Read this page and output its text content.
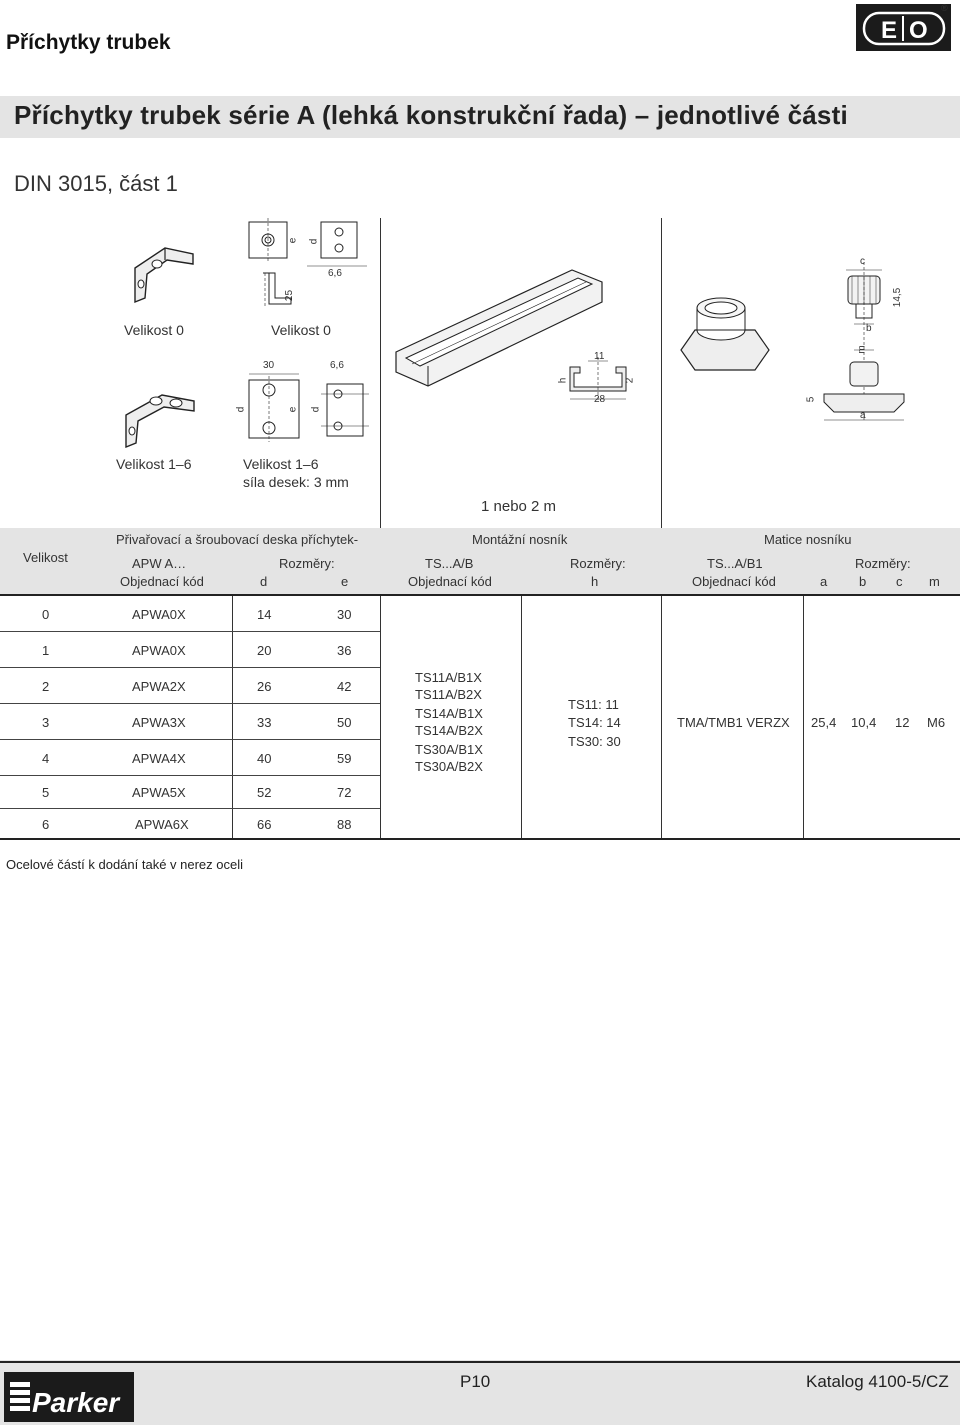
Příchytky trubek	E O
®
Příchytky trubek série A (lehká konstrukční řada) – jednotlivé části
DIN 3015, část 1
e d
6,6
25
Velikost 0	Velikost 0
30	6,6
d	e d
Velikost 1–6	Velikost 1–6
síla desek: 3 mm
11
h	2
28
1 nebo 2 m
c
14,5
b
m
5
a
Velikost
Přivařovací a šroubovací deska příchytek-	Montážní nosník	Matice nosníku
APW A…	Rozměry:	TS...A/B	Rozměry:	TS...A/B1	Rozměry:
Objednací kód	d	e	Objednací kód	h	Objednací kód	a b c m
0	APWA0X	14	30
1	APWA0X	20	36
2	APWA2X	26	42
3	APWA3X	33	50
4	APWA4X	40	59
5	APWA5X	52	72
6	APWA6X	66	88
TS11A/B1X
TS11A/B2X
TS14A/B1X
TS14A/B2X
TS30A/B1X
TS30A/B2X
TS11: 11
TS14: 14
TS30: 30
TMA/TMB1 VERZX 25,4 10,4 12 M6
Ocelové částí k dodání také v nerez oceli
Parker
P10	Katalog 4100-5/CZ
